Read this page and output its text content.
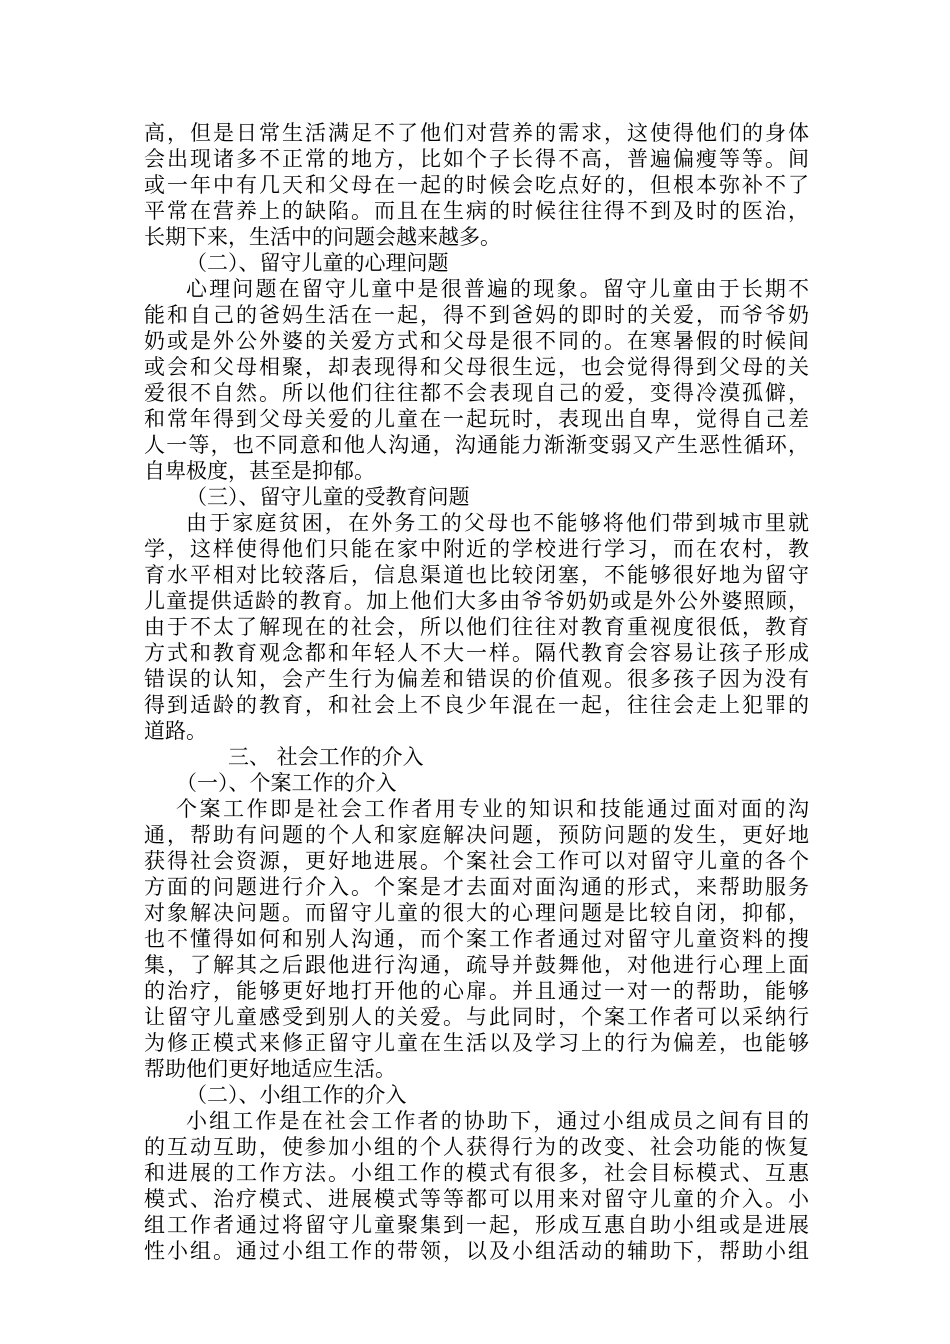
高，但是日常生活满足不了他们对营养的需求，这使得他们的身体
会出现诸多不正常的地方，比如个子长得不高，普遍偏瘦等等。间
或一年中有几天和父母在一起的时候会吃点好的，但根本弥补不了
平常在营养上的缺陷。而且在生病的时候往往得不到及时的医治，
长期下来，生活中的问题会越来越多。
（二）、留守儿童的心理问题
心理问题在留守儿童中是很普遍的现象。留守儿童由于长期不
能和自己的爸妈生活在一起，得不到爸妈的即时的关爱，而爷爷奶
奶或是外公外婆的关爱方式和父母是很不同的。在寒暑假的时候间
或会和父母相聚，却表现得和父母很生远，也会觉得得到父母的关
爱很不自然。所以他们往往都不会表现自己的爱，变得冷漠孤僻，
和常年得到父母关爱的儿童在一起玩时，表现出自卑，觉得自己差
人一等，也不同意和他人沟通，沟通能力渐渐变弱又产生恶性循环，
自卑极度，甚至是抑郁。
（三）、留守儿童的受教育问题
由于家庭贫困，在外务工的父母也不能够将他们带到城市里就
学，这样使得他们只能在家中附近的学校进行学习，而在农村，教
育水平相对比较落后，信息渠道也比较闭塞，不能够很好地为留守
儿童提供适龄的教育。加上他们大多由爷爷奶奶或是外公外婆照顾，
由于不太了解现在的社会，所以他们往往对教育重视度很低，教育
方式和教育观念都和年轻人不大一样。隔代教育会容易让孩子形成
错误的认知，会产生行为偏差和错误的价值观。很多孩子因为没有
得到适龄的教育，和社会上不良少年混在一起，往往会走上犯罪的
道路。
三、 社会工作的介入
（一）、个案工作的介入
个案工作即是社会工作者用专业的知识和技能通过面对面的沟
通，帮助有问题的个人和家庭解决问题，预防问题的发生，更好地
获得社会资源，更好地进展。个案社会工作可以对留守儿童的各个
方面的问题进行介入。个案是才去面对面沟通的形式，来帮助服务
对象解决问题。而留守儿童的很大的心理问题是比较自闭，抑郁，
也不懂得如何和别人沟通，而个案工作者通过对留守儿童资料的搜
集，了解其之后跟他进行沟通，疏导并鼓舞他，对他进行心理上面
的治疗，能够更好地打开他的心扉。并且通过一对一的帮助，能够
让留守儿童感受到别人的关爱。与此同时，个案工作者可以采纳行
为修正模式来修正留守儿童在生活以及学习上的行为偏差，也能够
帮助他们更好地适应生活。
（二）、小组工作的介入
小组工作是在社会工作者的协助下，通过小组成员之间有目的
的互动互助，使参加小组的个人获得行为的改变、社会功能的恢复
和进展的工作方法。小组工作的模式有很多，社会目标模式、互惠
模式、治疗模式、进展模式等等都可以用来对留守儿童的介入。小
组工作者通过将留守儿童聚集到一起，形成互惠自助小组或是进展
性小组。通过小组工作的带领，以及小组活动的辅助下，帮助小组
